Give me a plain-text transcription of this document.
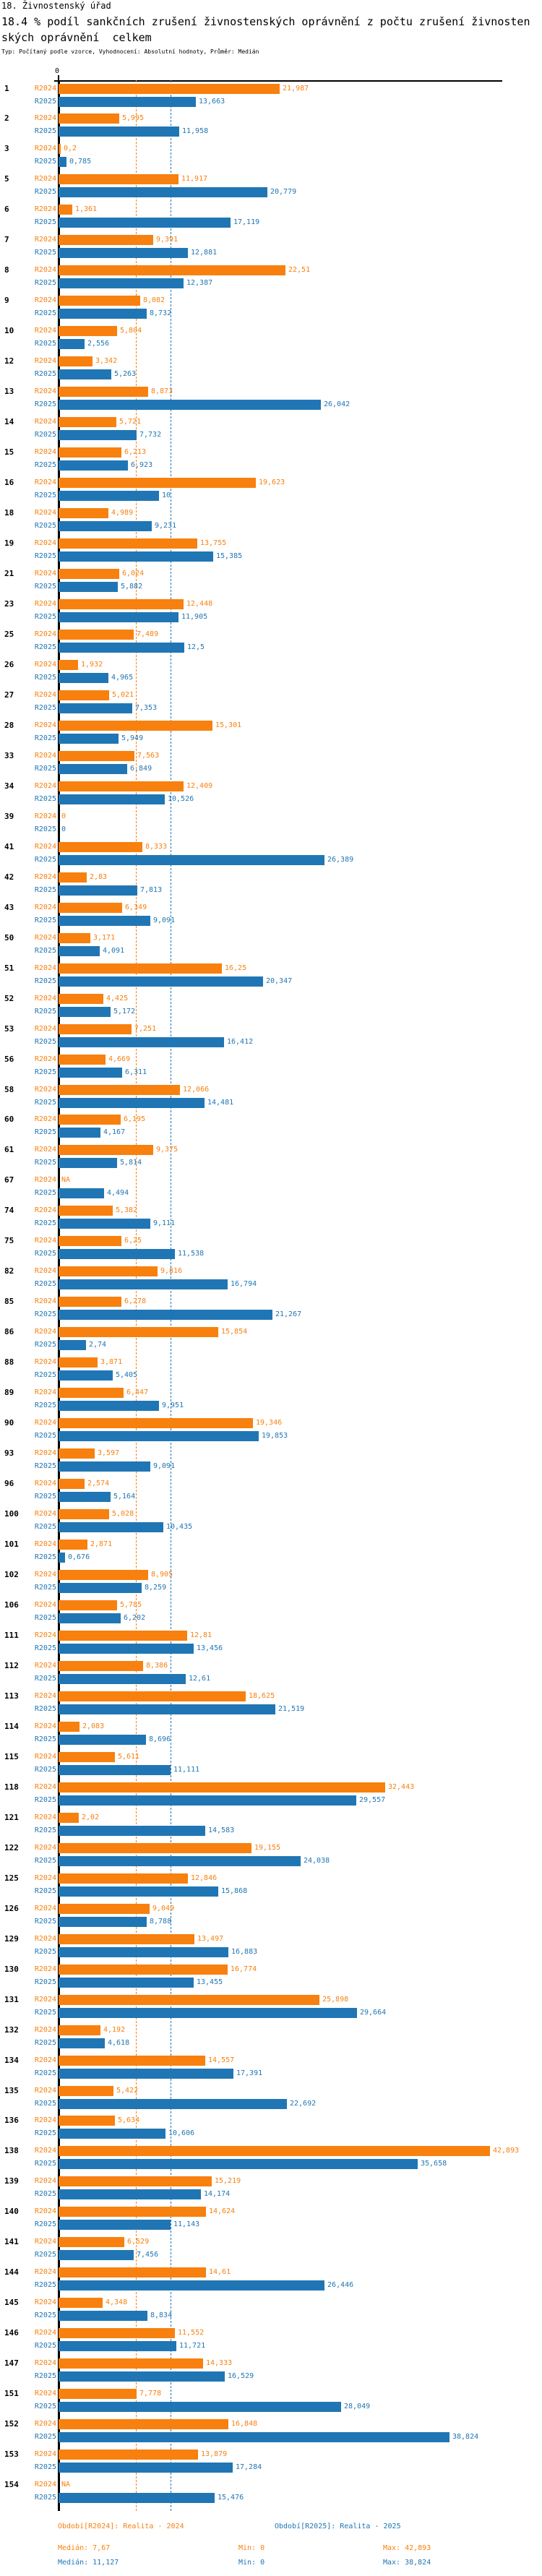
18. Živnostenský úřad
18.4 % podíl sankčních zrušení živnostenských oprávnění z počtu zrušení živnosten
ských oprávnění  celkem
Typ: Počítaný podle vzorce, Vyhodnocení: Absolutní hodnoty, Průměr: Medián
0
1	R2024	21,987
R2025	13,663
2	R2024	5,995
R2025	11,958
3	R2024 0,2
R2025 0,785
5	R2024	11,917
R2025	20,779
6	R2024	1,361
R2025	17,119
7	R2024	9,391
R2025	12,881
8	R2024	22,51
R2025	12,387
9	R2024	8,082
R2025	8,732
10	R2024	5,804
R2025	2,556
12	R2024	3,342
R2025	5,263
13	R2024	8,873
R2025	26,042
14	R2024	5,721
R2025	7,732
15	R2024	6,213
R2025	6,923
16	R2024	19,623
R2025	10
18	R2024	4,989
R2025	9,231
19	R2024	13,755
R2025	15,385
21	R2024	6,024
R2025	5,882
23	R2024	12,448
R2025	11,905
25	R2024	7,489
R2025	12,5
26	R2024	1,932
R2025	4,965
27	R2024	5,021
R2025	7,353
28	R2024	15,301
R2025	5,949
33	R2024	7,563
R2025	6,849
34	R2024	12,409
R2025	10,526
39	R2024 0
R2025 0
41	R2024	8,333
R2025	26,389
42	R2024	2,83
R2025	7,813
43	R2024	6,349
R2025	9,091
50	R2024	3,171
R2025	4,091
51	R2024	16,25
R2025	20,347
52	R2024	4,425
R2025	5,172
53	R2024	7,251
R2025	16,412
56	R2024	4,669
R2025	6,311
58	R2024	12,066
R2025	14,481
60	R2024	6,195
R2025	4,167
61	R2024	9,375
R2025	5,814
67	R2024 NA
R2025	4,494
74	R2024	5,382
R2025	9,111
75	R2024	6,25
R2025	11,538
82	R2024	9,816
R2025	16,794
85	R2024	6,278
R2025	21,267
86	R2024	15,854
R2025	2,74
88	R2024	3,871
R2025	5,405
89	R2024	6,447
R2025	9,951
90	R2024	19,346
R2025	19,853
93	R2024	3,597
R2025	9,091
96	R2024	2,574
R2025	5,164
100	R2024	5,028
R2025	10,435
101	R2024	2,871
R2025 0,676
102	R2024	8,905
R2025	8,259
106	R2024	5,785
R2025	6,202
111	R2024	12,81
R2025	13,456
112	R2024	8,386
R2025	12,61
113	R2024	18,625
R2025	21,519
114	R2024	2,083
R2025	8,696
115	R2024	5,611
R2025	11,111
118	R2024	32,443
R2025	29,557
121	R2024	2,02
R2025	14,583
122	R2024	19,155
R2025	24,038
125	R2024	12,846
R2025	15,868
126	R2024	9,049
R2025	8,788
129	R2024	13,497
R2025	16,883
130	R2024	16,774
R2025	13,455
131	R2024	25,898
R2025	29,664
132	R2024	4,192
R2025	4,618
134	R2024	14,557
R2025	17,391
135	R2024	5,422
R2025	22,692
136	R2024	5,634
R2025	10,606
138	R2024	42,893
R2025	35,658
139	R2024	15,219
R2025	14,174
140	R2024	14,624
R2025	11,143
141	R2024	6,529
R2025	7,456
144	R2024	14,61
R2025	26,446
145	R2024	4,348
R2025	8,834
146	R2024	11,552
R2025	11,721
147	R2024	14,333
R2025	16,529
151	R2024	7,778
R2025	28,049
152	R2024	16,848
R2025	38,824
153	R2024	13,879
R2025	17,284
154	R2024 NA
R2025	15,476
Období[R2024]: Realita - 2024	Období[R2025]: Realita - 2025
Medián: 7,67	Min: 0	Max: 42,893
Medián: 11,127	Min: 0	Max: 38,824
